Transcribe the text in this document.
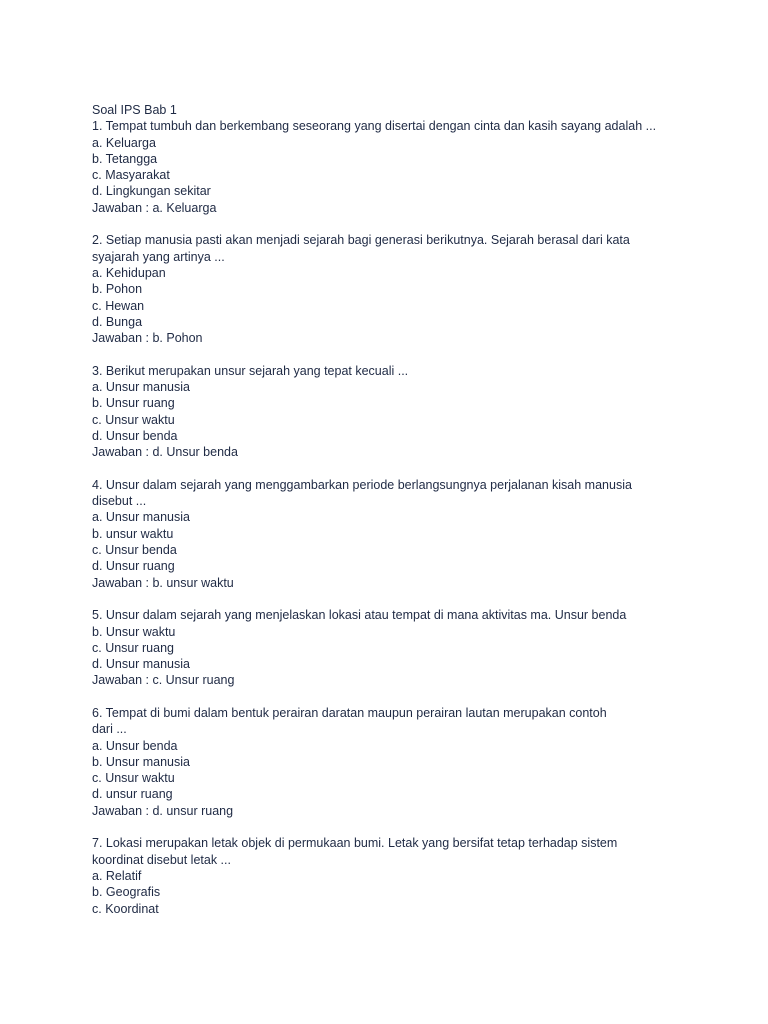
Soal IPS Bab 1
1. Tempat tumbuh dan berkembang seseorang yang disertai dengan cinta dan kasih sayang adalah ...
a. Keluarga
b. Tetangga
c. Masyarakat
d. Lingkungan sekitar
Jawaban : a. Keluarga
2. Setiap manusia pasti akan menjadi sejarah bagi generasi berikutnya. Sejarah berasal dari kata
syajarah yang artinya ...
a. Kehidupan
b. Pohon
c. Hewan
d. Bunga
Jawaban : b. Pohon
3. Berikut merupakan unsur sejarah yang tepat kecuali ...
a. Unsur manusia
b. Unsur ruang
c. Unsur waktu
d. Unsur benda
Jawaban : d. Unsur benda
4. Unsur dalam sejarah yang menggambarkan periode berlangsungnya perjalanan kisah manusia
disebut ...
a. Unsur manusia
b. unsur waktu
c. Unsur benda
d. Unsur ruang
Jawaban : b. unsur waktu
5. Unsur dalam sejarah yang menjelaskan lokasi atau tempat di mana aktivitas ma. Unsur benda
b. Unsur waktu
c. Unsur ruang
d. Unsur manusia
Jawaban : c. Unsur ruang
6. Tempat di bumi dalam bentuk perairan daratan maupun perairan lautan merupakan contoh
dari ...
a. Unsur benda
b. Unsur manusia
c. Unsur waktu
d. unsur ruang
Jawaban : d. unsur ruang
7. Lokasi merupakan letak objek di permukaan bumi. Letak yang bersifat tetap terhadap sistem
koordinat disebut letak ...
a. Relatif
b. Geografis
c. Koordinat
